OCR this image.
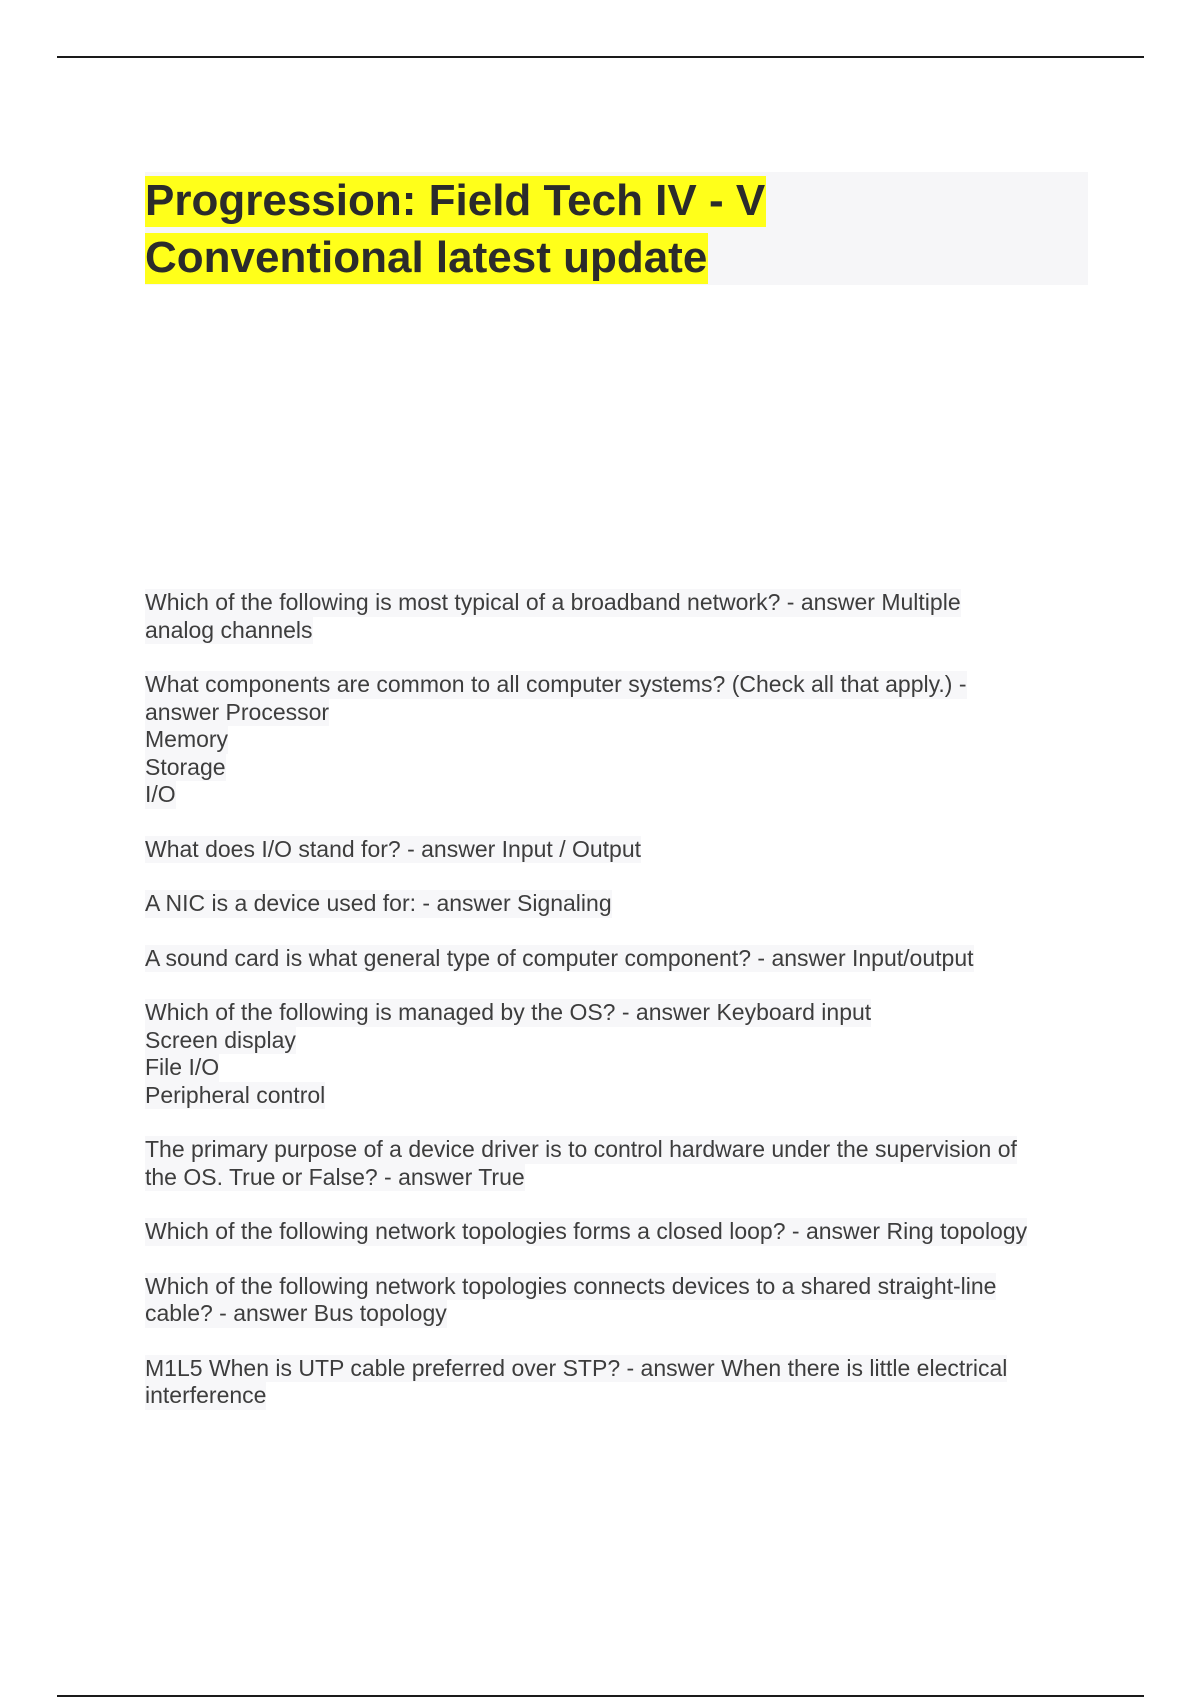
Progression: Field Tech IV - V
Conventional latest update
Which of the following is most typical of a broadband network? - answer Multiple
analog channels
What components are common to all computer systems? (Check all that apply.) -
answer Processor
Memory
Storage
I/O
What does I/O stand for? - answer Input / Output
A NIC is a device used for: - answer Signaling
A sound card is what general type of computer component? - answer Input/output
Which of the following is managed by the OS? - answer Keyboard input
Screen display
File I/O
Peripheral control
The primary purpose of a device driver is to control hardware under the supervision of
the OS. True or False? - answer True
Which of the following network topologies forms a closed loop? - answer Ring topology
Which of the following network topologies connects devices to a shared straight-line
cable? - answer Bus topology
M1L5 When is UTP cable preferred over STP? - answer When there is little electrical
interference
